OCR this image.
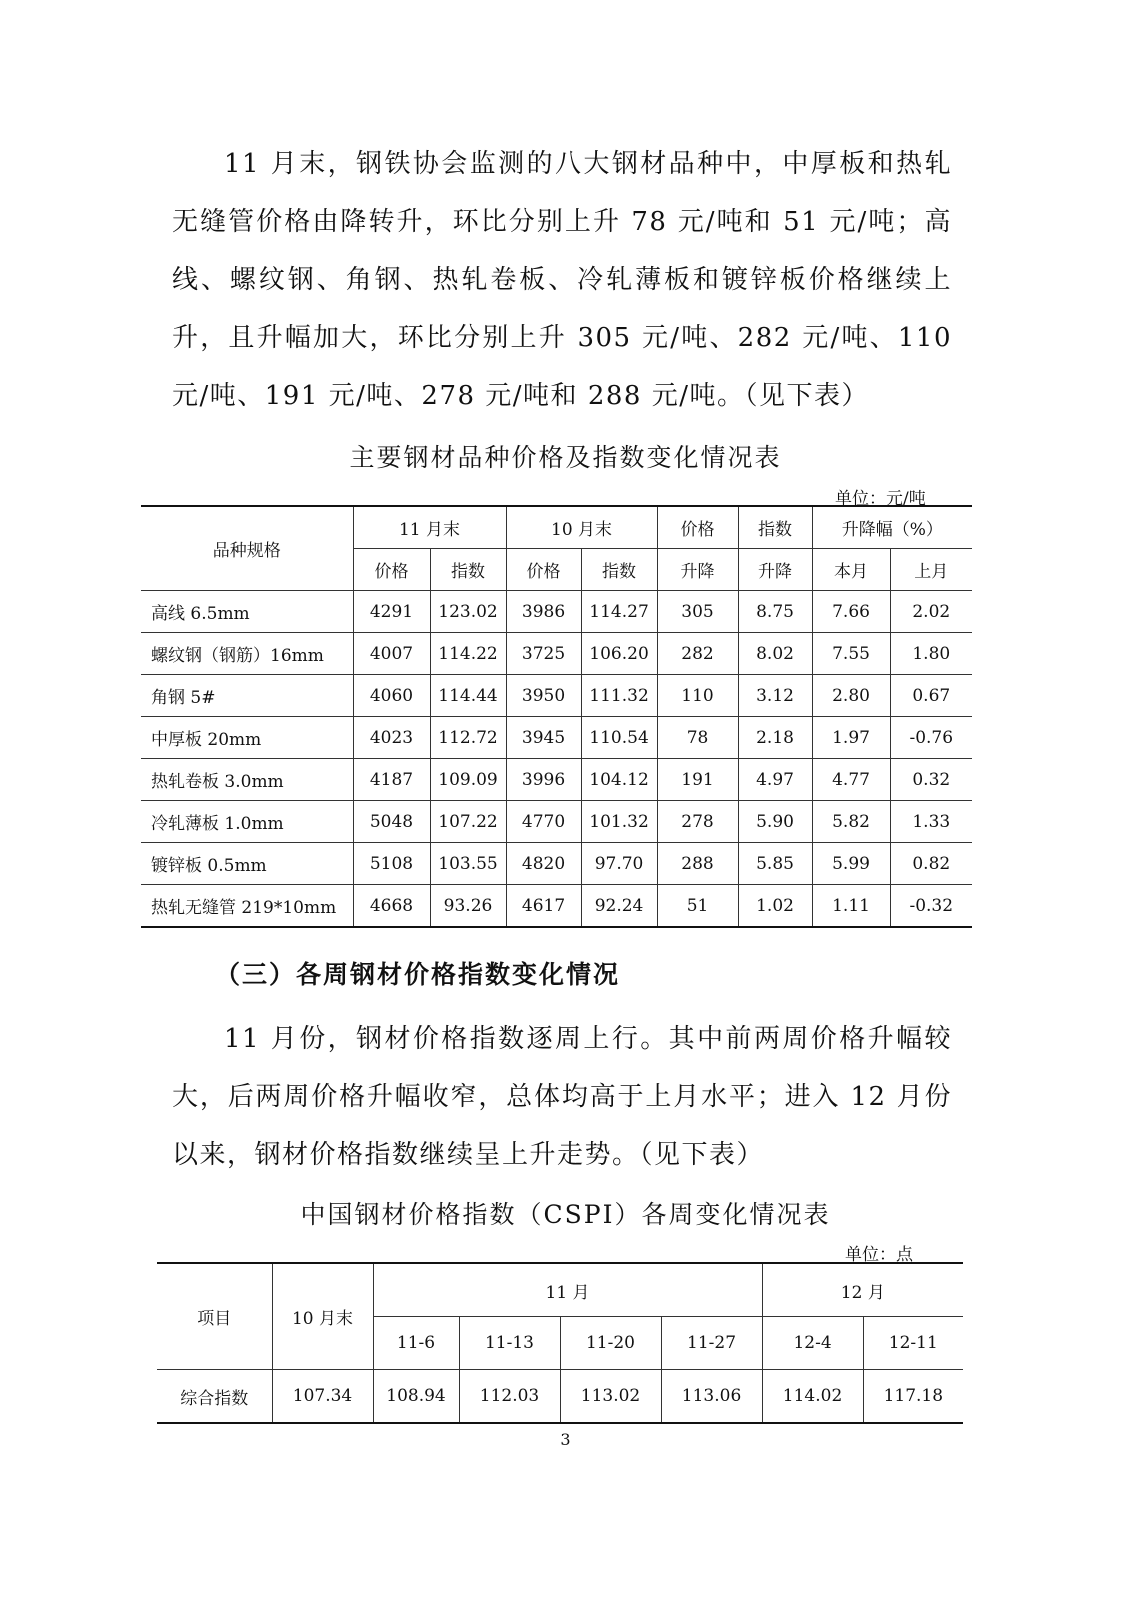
11 月末，钢铁协会监测的八大钢材品种中，中厚板和热轧无缝管价格由降转升，环比分别上升 78 元/吨和 51 元/吨；高线、螺纹钢、角钢、热轧卷板、冷轧薄板和镀锌板价格继续上升，且升幅加大，环比分别上升 305 元/吨、282 元/吨、110 元/吨、191 元/吨、278 元/吨和 288 元/吨。（见下表）

主要钢材品种价格及指数变化情况表
单位：元/吨
品种规格	11 月末		10 月末		价格	指数	升降幅（%）	
	价格	指数	价格	指数	升降	升降	本月	上月
高线 6.5mm	4291	123.02	3986	114.27	305	8.75	7.66	2.02
螺纹钢（钢筋）16mm	4007	114.22	3725	106.20	282	8.02	7.55	1.80
角钢 5#	4060	114.44	3950	111.32	110	3.12	2.80	0.67
中厚板 20mm	4023	112.72	3945	110.54	78	2.18	1.97	-0.76
热轧卷板 3.0mm	4187	109.09	3996	104.12	191	4.97	4.77	0.32
冷轧薄板 1.0mm	5048	107.22	4770	101.32	278	5.90	5.82	1.33
镀锌板 0.5mm	5108	103.55	4820	97.70	288	5.85	5.99	0.82
热轧无缝管 219*10mm	4668	93.26	4617	92.24	51	1.02	1.11	-0.32
（三）各周钢材价格指数变化情况

11 月份，钢材价格指数逐周上行。其中前两周价格升幅较大，后两周价格升幅收窄，总体均高于上月水平；进入 12 月份以来，钢材价格指数继续呈上升走势。（见下表）

中国钢材价格指数（CSPI）各周变化情况表
单位：点
项目	10 月末	11 月				12 月	
		11-6	11-13	11-20	11-27	12-4	12-11
综合指数	107.34	108.94	112.03	113.02	113.06	114.02	117.18
3
